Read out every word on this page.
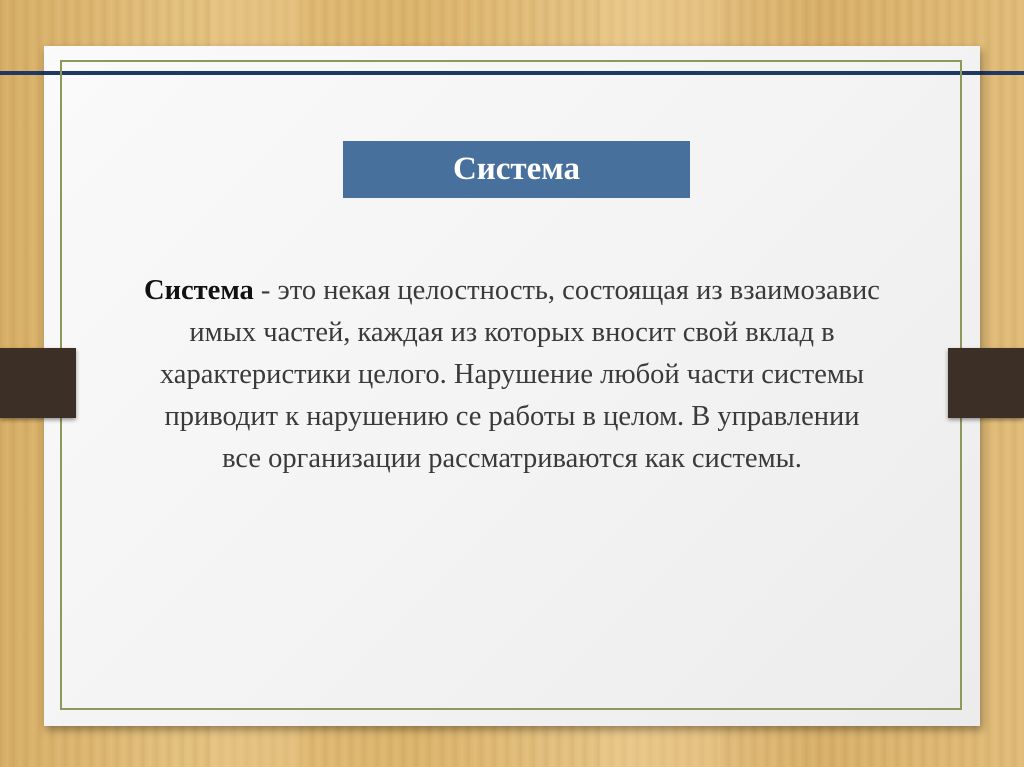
Система
Система - это некая целостность, состоящая из взаимозавис
имых частей, каждая из которых вносит свой вклад в
характеристики целого. Нарушение любой части системы
приводит к нарушению се работы в целом. В управлении
все организации рассматриваются как системы.
